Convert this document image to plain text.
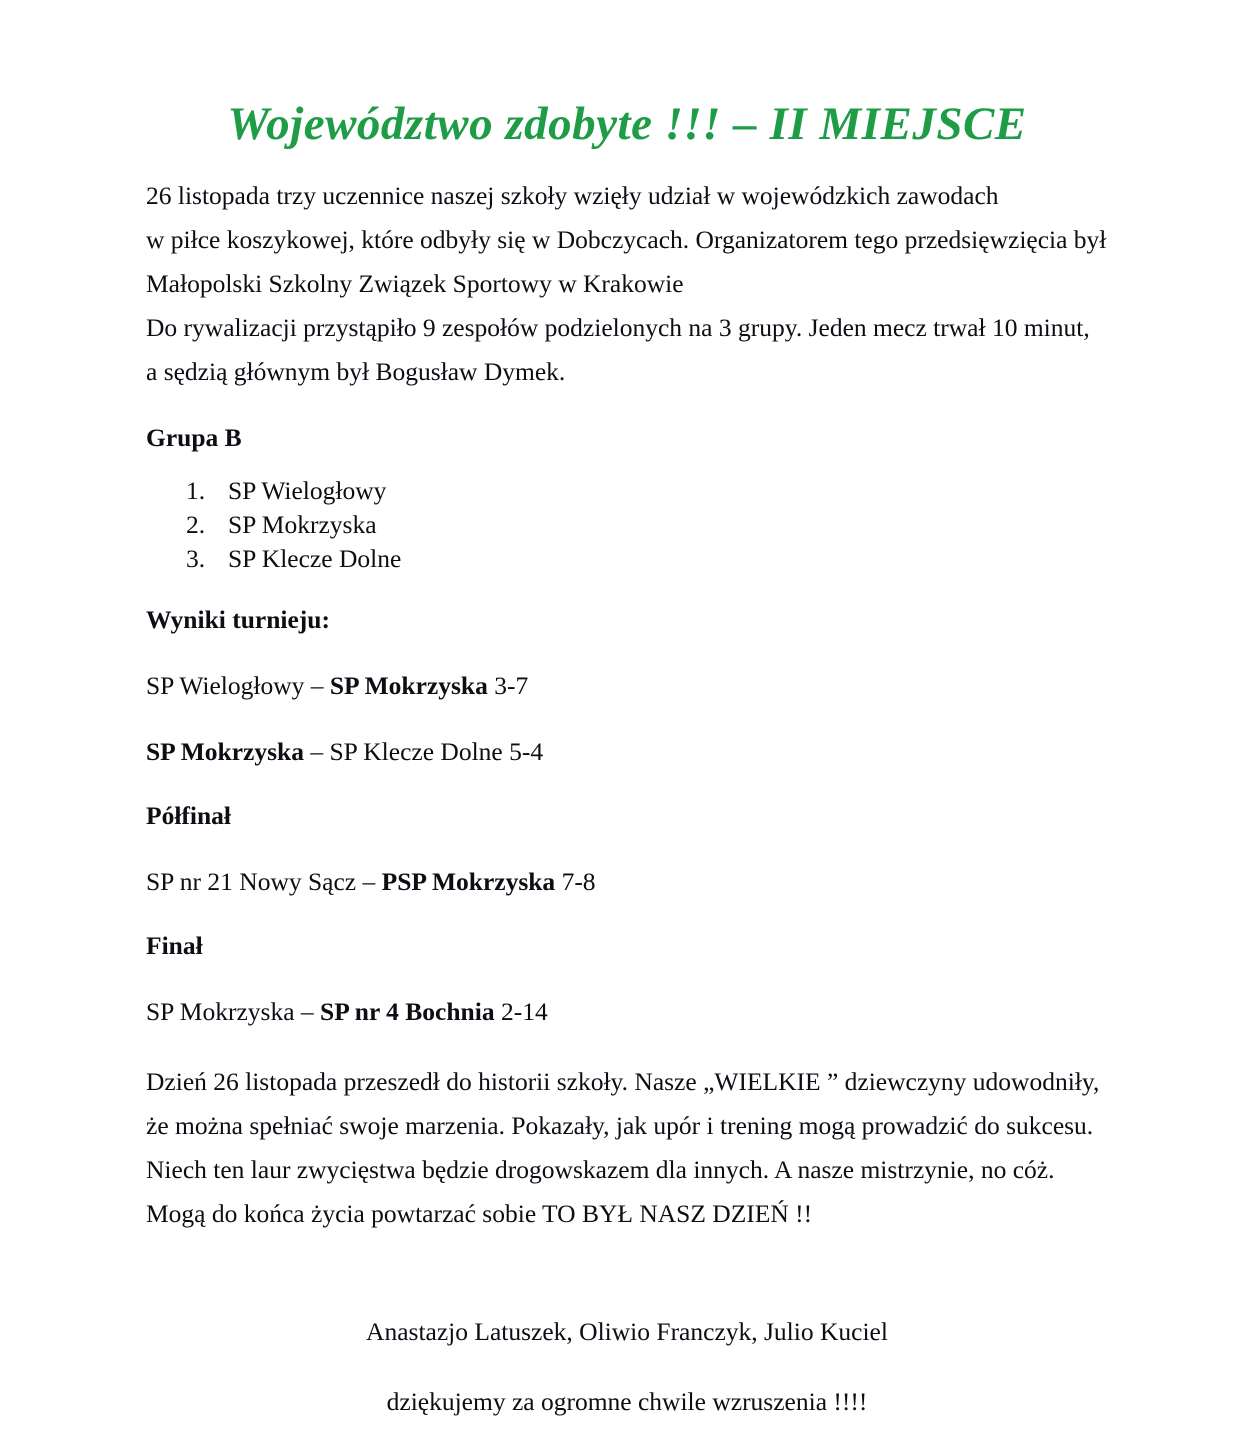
Województwo zdobyte !!! – II MIEJSCE
26 listopada trzy uczennice naszej szkoły wzięły udział w wojewódzkich zawodach
w piłce koszykowej, które odbyły się w Dobczycach. Organizatorem tego przedsięwzięcia był
Małopolski Szkolny Związek Sportowy w Krakowie
Do rywalizacji przystąpiło 9 zespołów podzielonych na 3 grupy. Jeden mecz trwał 10 minut,
a sędzią głównym był Bogusław Dymek.
Grupa B
SP Wielogłowy
SP Mokrzyska
SP Klecze Dolne
Wyniki turnieju:
SP Wielogłowy – SP Mokrzyska 3-7
SP Mokrzyska – SP Klecze Dolne 5-4
Półfinał
SP nr 21 Nowy Sącz – PSP Mokrzyska 7-8
Finał
SP Mokrzyska – SP nr 4 Bochnia 2-14
Dzień 26 listopada przeszedł do historii szkoły. Nasze „WIELKIE ” dziewczyny udowodniły,
że można spełniać swoje marzenia. Pokazały, jak upór i trening mogą prowadzić do sukcesu.
Niech ten laur zwycięstwa będzie drogowskazem dla innych. A nasze mistrzynie, no cóż.
Mogą do końca życia powtarzać sobie TO BYŁ NASZ DZIEŃ !!
Anastazjo Latuszek, Oliwio Franczyk, Julio Kuciel
dziękujemy za ogromne chwile wzruszenia !!!!
